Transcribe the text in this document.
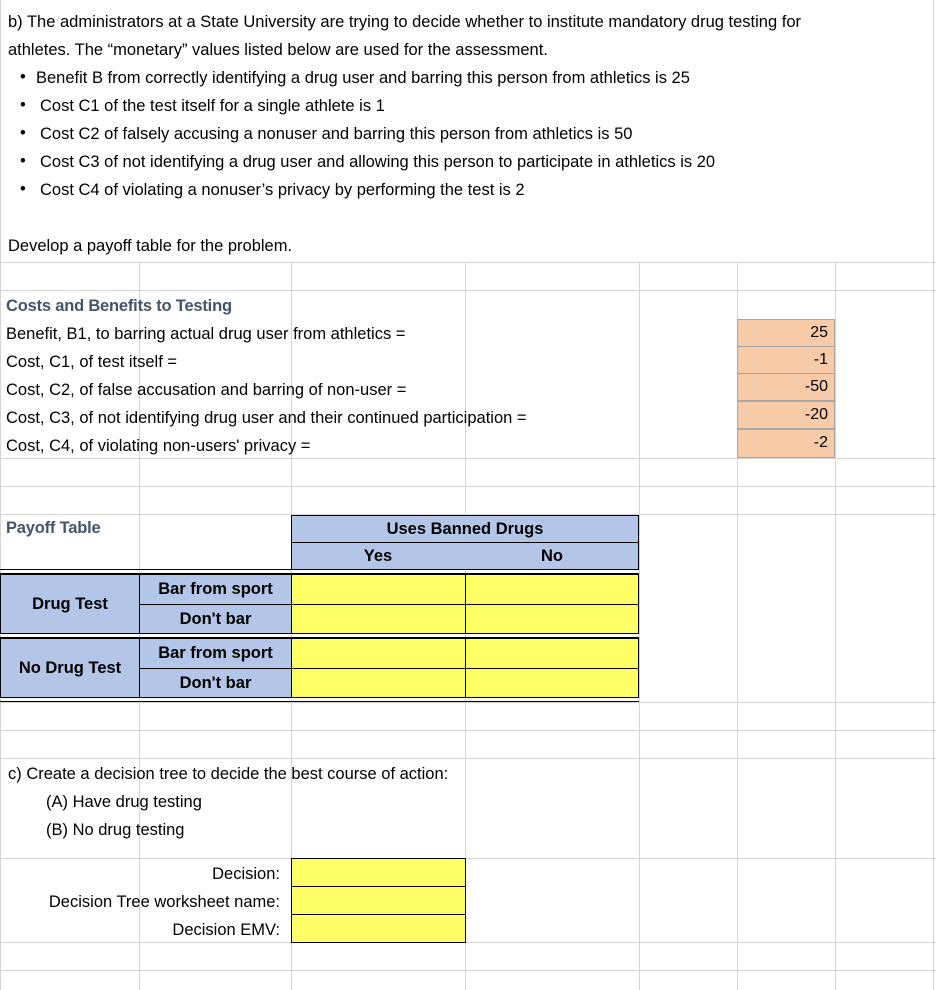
b) The administrators at a State University are trying to decide whether to institute mandatory drug testing for
athletes. The “monetary” values listed below are used for the assessment.
• Benefit B from correctly identifying a drug user and barring this person from athletics is 25
• Cost C1 of the test itself for a single athlete is 1
• Cost C2 of falsely accusing a nonuser and barring this person from athletics is 50
• Cost C3 of not identifying a drug user and allowing this person to participate in athletics is 20
• Cost C4 of violating a nonuser’s privacy by performing the test is 2
Develop a payoff table for the problem.
Costs and Benefits to Testing
Benefit, B1, to barring actual drug user from athletics =
Cost, C1, of test itself =
Cost, C2, of false accusation and barring of non-user =
Cost, C3, of not identifying drug user and their continued participation =
Cost, C4, of violating non-users' privacy =
25
-1
-50
-20
-2
Payoff Table	Uses Banned Drugs
Yes	No
Drug Test
Bar from sport
Don't bar
No Drug Test
Bar from sport
Don't bar
c) Create a decision tree to decide the best course of action:
(A) Have drug testing
(B) No drug testing
Decision:
Decision Tree worksheet name:
Decision EMV:
